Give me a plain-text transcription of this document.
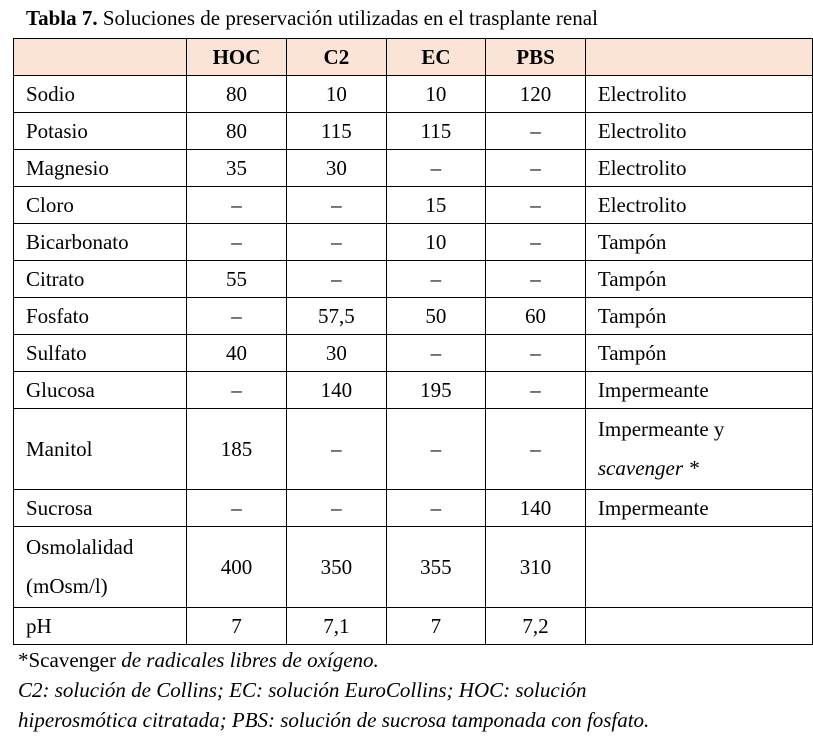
Tabla 7. Soluciones de preservación utilizadas en el trasplante renal
	HOC	C2	EC	PBS	
Sodio	80	10	10	120	Electrolito
Potasio	80	115	115	–	Electrolito
Magnesio	35	30	–	–	Electrolito
Cloro	–	–	15	–	Electrolito
Bicarbonato	–	–	10	–	Tampón
Citrato	55	–	–	–	Tampón
Fosfato	–	57,5	50	60	Tampón
Sulfato	40	30	–	–	Tampón
Glucosa	–	140	195	–	Impermeante
Manitol	185	–	–	–	Impermeante y
scavenger *
Sucrosa	–	–	–	140	Impermeante
Osmolalidad
(mOsm/l)	400	350	355	310	
pH	7	7,1	7	7,2	
*Scavenger de radicales libres de oxígeno.
C2: solución de Collins; EC: solución EuroCollins; HOC: solución
hiperosmótica citratada; PBS: solución de sucrosa tamponada con fosfato.
